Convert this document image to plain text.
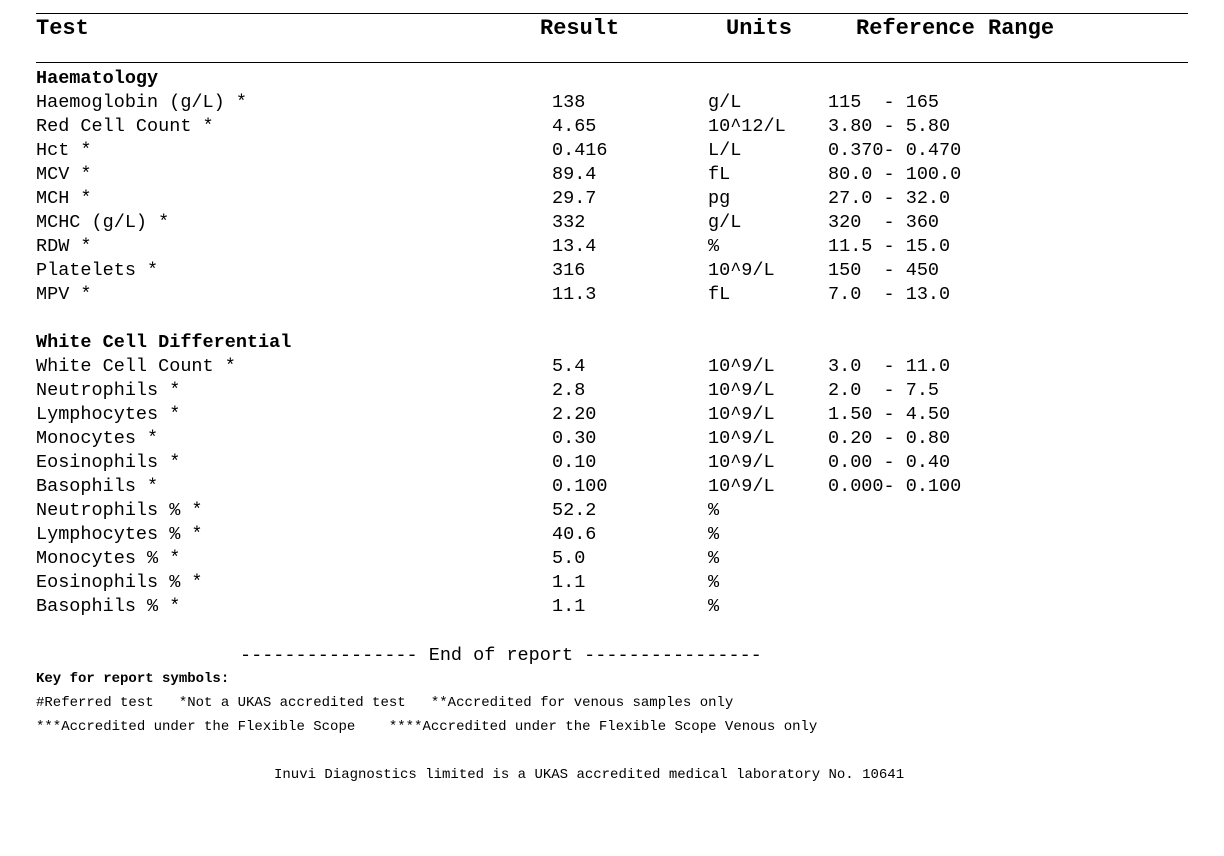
Test	Result	Units	Reference Range
Haematology
Haemoglobin (g/L) *	138	g/L	115  - 165
Red Cell Count *	4.65	10^12/L 3.80 - 5.80
Hct *	0.416	L/L	0.370- 0.470
MCV *	89.4	fL	80.0 - 100.0
MCH *	29.7	pg	27.0 - 32.0
MCHC (g/L) *	332	g/L	320  - 360
RDW *	13.4	%	11.5 - 15.0
Platelets *	316	10^9/L	150  - 450
MPV *	11.3	fL	7.0  - 13.0
White Cell Differential
White Cell Count *	5.4	10^9/L	3.0  - 11.0
Neutrophils *	2.8	10^9/L	2.0  - 7.5
Lymphocytes *	2.20	10^9/L	1.50 - 4.50
Monocytes *	0.30	10^9/L	0.20 - 0.80
Eosinophils *	0.10	10^9/L	0.00 - 0.40
Basophils *	0.100	10^9/L	0.000- 0.100
Neutrophils % *	52.2	%
Lymphocytes % *	40.6	%
Monocytes % *	5.0	%
Eosinophils % *	1.1	%
Basophils % *	1.1	%
---------------- End of report ----------------
Key for report symbols:
#Referred test   *Not a UKAS accredited test   **Accredited for venous samples only
***Accredited under the Flexible Scope    ****Accredited under the Flexible Scope Venous only
Inuvi Diagnostics limited is a UKAS accredited medical laboratory No. 10641
